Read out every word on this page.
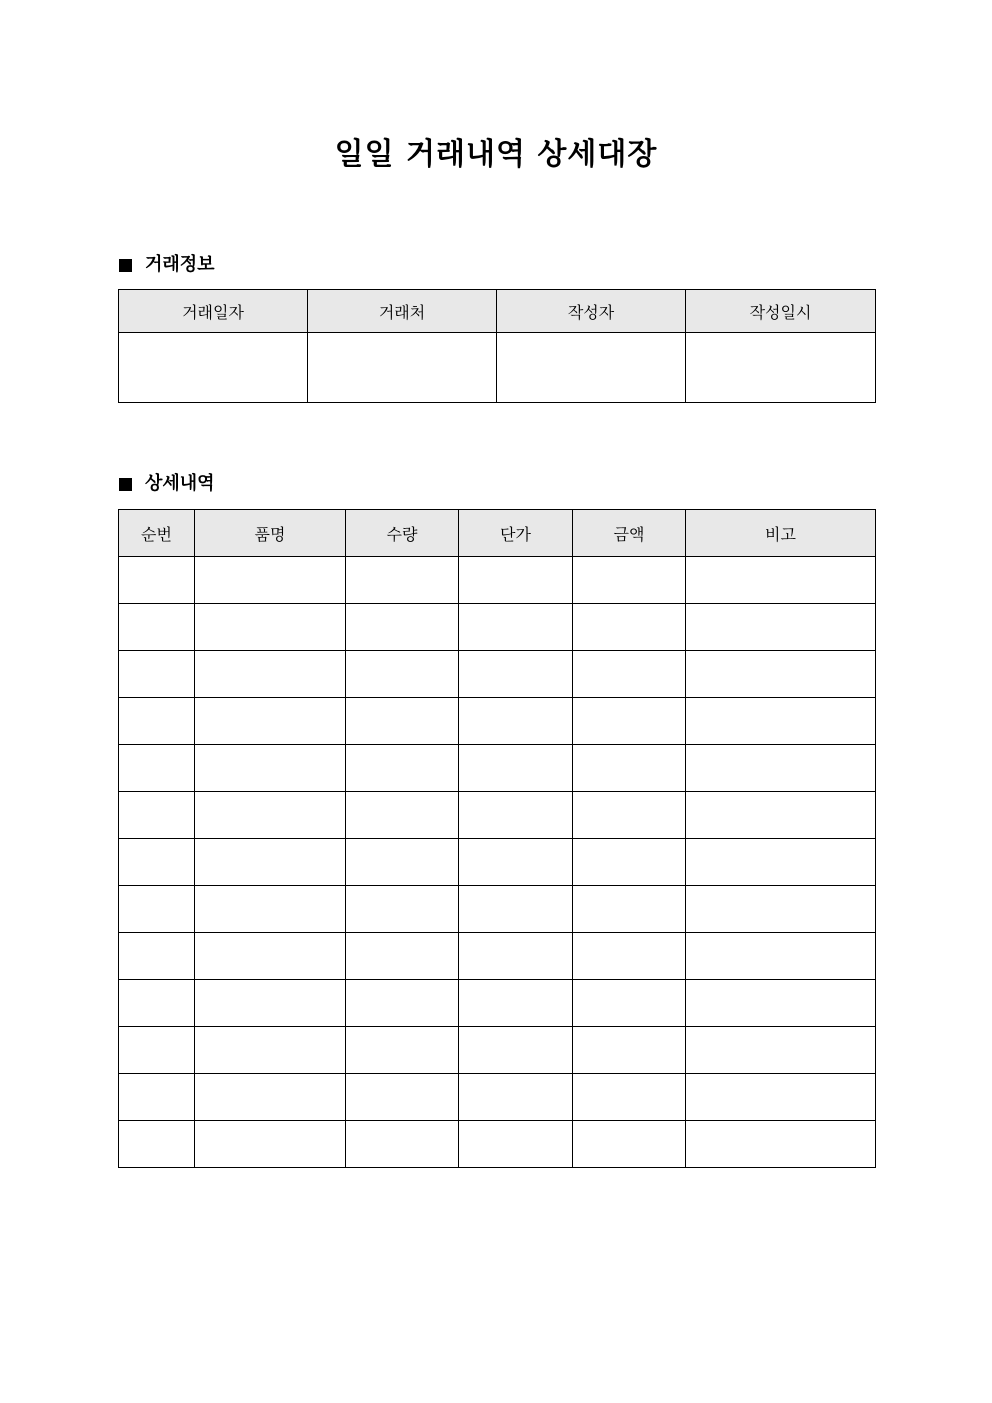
일일 거래내역 상세대장
거래정보
거래일자	거래처	작성자	작성일시

상세내역
순번	품명	수량	단가	금액	비고
